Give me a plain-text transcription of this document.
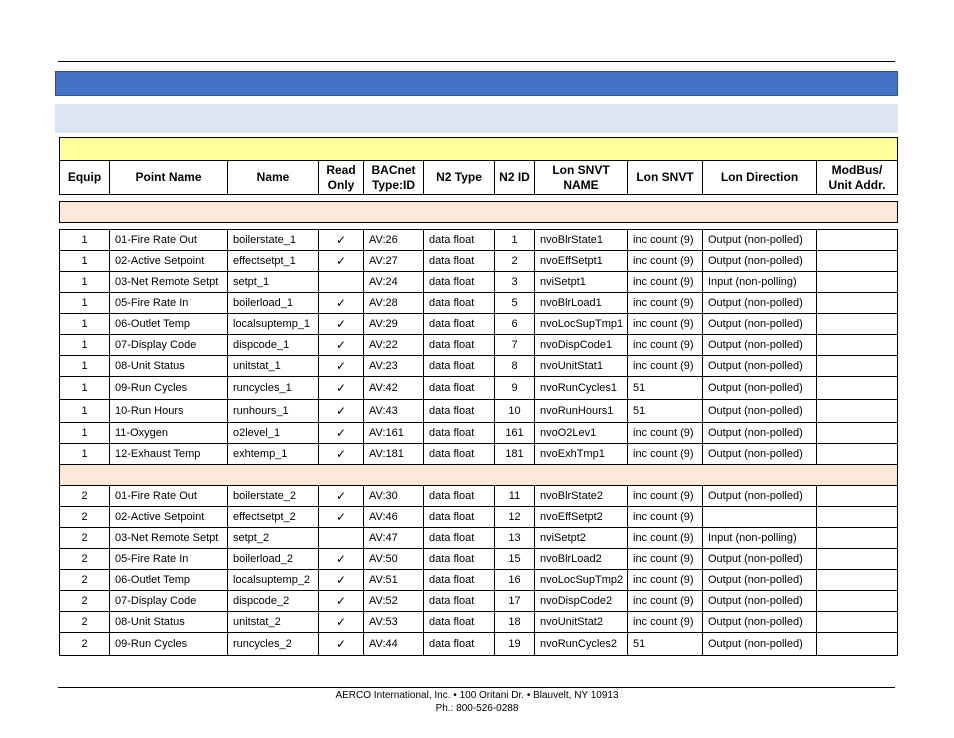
Equip	Point Name	Name	Read Only	BACnet Type:ID	N2 Type	N2 ID	Lon SNVT NAME	Lon SNVT	Lon Direction	ModBus/ Unit Addr.

1	01-Fire Rate Out	boilerstate_1	✓	AV:26	data float	1	nvoBlrState1	inc count (9)	Output (non-polled)	
1	02-Active Setpoint	effectsetpt_1	✓	AV:27	data float	2	nvoEffSetpt1	inc count (9)	Output (non-polled)	
1	03-Net Remote Setpt	setpt_1		AV:24	data float	3	nviSetpt1	inc count (9)	Input (non-polling)	
1	05-Fire Rate In	boilerload_1	✓	AV:28	data float	5	nvoBlrLoad1	inc count (9)	Output (non-polled)	
1	06-Outlet Temp	localsuptemp_1	✓	AV:29	data float	6	nvoLocSupTmp1	inc count (9)	Output (non-polled)	
1	07-Display Code	dispcode_1	✓	AV:22	data float	7	nvoDispCode1	inc count (9)	Output (non-polled)	
1	08-Unit Status	unitstat_1	✓	AV:23	data float	8	nvoUnitStat1	inc count (9)	Output (non-polled)	
1	09-Run Cycles	runcycles_1	✓	AV:42	data float	9	nvoRunCycles1	51	Output (non-polled)	
1	10-Run Hours	runhours_1	✓	AV:43	data float	10	nvoRunHours1	51	Output (non-polled)	
1	11-Oxygen	o2level_1	✓	AV:161	data float	161	nvoO2Lev1	inc count (9)	Output (non-polled)	
1	12-Exhaust Temp	exhtemp_1	✓	AV:181	data float	181	nvoExhTmp1	inc count (9)	Output (non-polled)	

2	01-Fire Rate Out	boilerstate_2	✓	AV:30	data float	11	nvoBlrState2	inc count (9)	Output (non-polled)	
2	02-Active Setpoint	effectsetpt_2	✓	AV:46	data float	12	nvoEffSetpt2	inc count (9)		
2	03-Net Remote Setpt	setpt_2		AV:47	data float	13	nviSetpt2	inc count (9)	Input (non-polling)	
2	05-Fire Rate In	boilerload_2	✓	AV:50	data float	15	nvoBlrLoad2	inc count (9)	Output (non-polled)	
2	06-Outlet Temp	localsuptemp_2	✓	AV:51	data float	16	nvoLocSupTmp2	inc count (9)	Output (non-polled)	
2	07-Display Code	dispcode_2	✓	AV:52	data float	17	nvoDispCode2	inc count (9)	Output (non-polled)	
2	08-Unit Status	unitstat_2	✓	AV:53	data float	18	nvoUnitStat2	inc count (9)	Output (non-polled)	
2	09-Run Cycles	runcycles_2	✓	AV:44	data float	19	nvoRunCycles2	51	Output (non-polled)	
AERCO International, Inc. • 100 Oritani Dr. • Blauvelt, NY 10913
Ph.: 800-526-0288
